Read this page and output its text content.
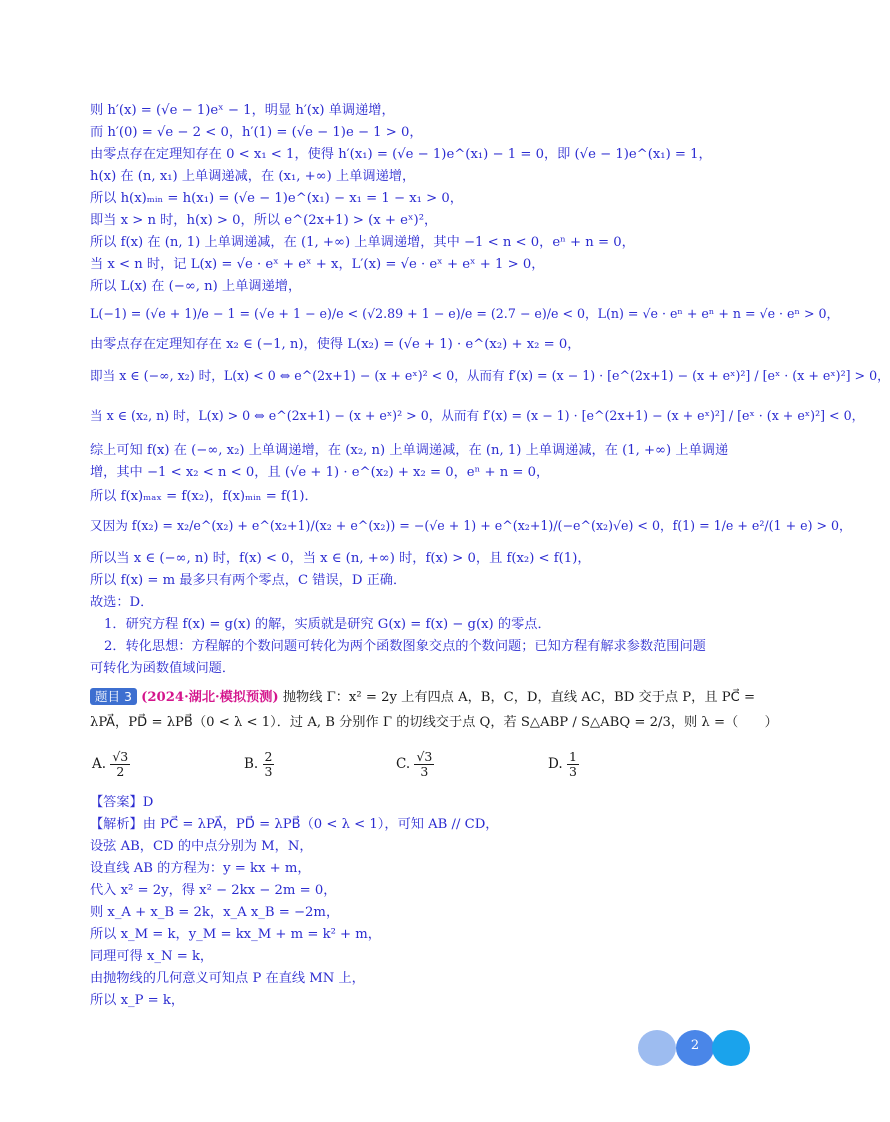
则 h′(x) = (√e − 1)eˣ − 1，明显 h′(x) 单调递增，
而 h′(0) = √e − 2 < 0，h′(1) = (√e − 1)e − 1 > 0，
由零点存在定理知存在 0 < x₁ < 1，使得 h′(x₁) = (√e − 1)e^(x₁) − 1 = 0，即 (√e − 1)e^(x₁) = 1，
h(x) 在 (n, x₁) 上单调递减，在 (x₁, +∞) 上单调递增，
所以 h(x)ₘᵢₙ = h(x₁) = (√e − 1)e^(x₁) − x₁ = 1 − x₁ > 0，
即当 x > n 时，h(x) > 0，所以 e^(2x+1) > (x + eˣ)²，
所以 f(x) 在 (n, 1) 上单调递减，在 (1, +∞) 上单调递增，其中 −1 < n < 0，eⁿ + n = 0，
当 x < n 时，记 L(x) = √e · eˣ + eˣ + x，L′(x) = √e · eˣ + eˣ + 1 > 0，
所以 L(x) 在 (−∞, n) 上单调递增，
L(−1) = (√e + 1)/e − 1 = (√e + 1 − e)/e < (√2.89 + 1 − e)/e = (2.7 − e)/e < 0，L(n) = √e · eⁿ + eⁿ + n = √e · eⁿ > 0，
由零点存在定理知存在 x₂ ∈ (−1, n)，使得 L(x₂) = (√e + 1) · e^(x₂) + x₂ = 0，
即当 x ∈ (−∞, x₂) 时，L(x) < 0 ⇔ e^(2x+1) − (x + eˣ)² < 0，从而有 f′(x) = (x − 1) · [e^(2x+1) − (x + eˣ)²] / [eˣ · (x + eˣ)²] > 0，
当 x ∈ (x₂, n) 时，L(x) > 0 ⇔ e^(2x+1) − (x + eˣ)² > 0，从而有 f′(x) = (x − 1) · [e^(2x+1) − (x + eˣ)²] / [eˣ · (x + eˣ)²] < 0，
综上可知 f(x) 在 (−∞, x₂) 上单调递增，在 (x₂, n) 上单调递减，在 (n, 1) 上单调递减，在 (1, +∞) 上单调递
增，其中 −1 < x₂ < n < 0，且 (√e + 1) · e^(x₂) + x₂ = 0，eⁿ + n = 0，
所以 f(x)ₘₐₓ = f(x₂)，f(x)ₘᵢₙ = f(1)．
又因为 f(x₂) = x₂/e^(x₂) + e^(x₂+1)/(x₂ + e^(x₂)) = −(√e + 1) + e^(x₂+1)/(−e^(x₂)√e) < 0，f(1) = 1/e + e²/(1 + e) > 0，
所以当 x ∈ (−∞, n) 时，f(x) < 0，当 x ∈ (n, +∞) 时，f(x) > 0，且 f(x₂) < f(1)，
所以 f(x) = m 最多只有两个零点，C 错误，D 正确．
故选：D．
1．研究方程 f(x) = g(x) 的解，实质就是研究 G(x) = f(x) − g(x) 的零点．
2．转化思想：方程解的个数问题可转化为两个函数图象交点的个数问题；已知方程有解求参数范围问题
可转化为函数值域问题．
题目 3 (2024·湖北·模拟预测) 抛物线 Γ：x² = 2y 上有四点 A，B，C，D，直线 AC，BD 交于点 P，且 PC⃗ =
λPA⃗，PD⃗ = λPB⃗（0 < λ < 1）．过 A, B 分别作 Γ 的切线交于点 Q，若 S△ABP / S△ABQ = 2/3，则 λ =（　　）
A. $\frac{√3}{2}$	B. $\frac{2}{3}$	C. $\frac{√3}{3}$	D. $\frac{1}{3}$
【答案】D
【解析】由 PC⃗ = λPA⃗，PD⃗ = λPB⃗（0 < λ < 1），可知 AB // CD，
设弦 AB，CD 的中点分别为 M，N，
设直线 AB 的方程为：y = kx + m，
代入 x² = 2y，得 x² − 2kx − 2m = 0，
则 x_A + x_B = 2k，x_A x_B = −2m，
所以 x_M = k，y_M = kx_M + m = k² + m，
同理可得 x_N = k，
由抛物线的几何意义可知点 P 在直线 MN 上，
所以 x_P = k，
2
